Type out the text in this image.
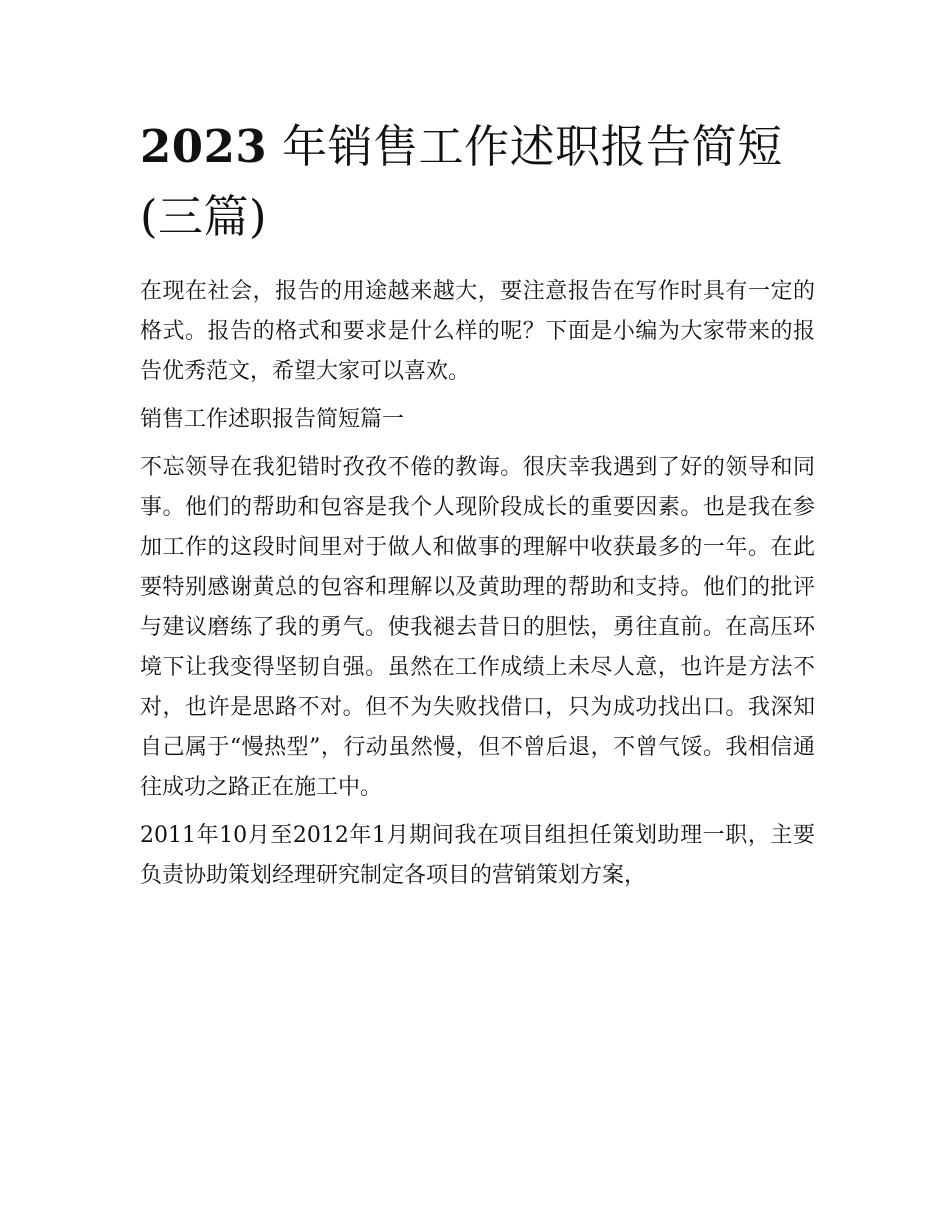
2023 年销售工作述职报告简短(三篇)

在现在社会，报告的用途越来越大，要注意报告在写作时具有一定的格式。报告的格式和要求是什么样的呢？下面是小编为大家带来的报告优秀范文，希望大家可以喜欢。

销售工作述职报告简短篇一

不忘领导在我犯错时孜孜不倦的教诲。很庆幸我遇到了好的领导和同事。他们的帮助和包容是我个人现阶段成长的重要因素。也是我在参加工作的这段时间里对于做人和做事的理解中收获最多的一年。在此要特别感谢黄总的包容和理解以及黄助理的帮助和支持。他们的批评与建议磨练了我的勇气。使我褪去昔日的胆怯，勇往直前。在高压环境下让我变得坚韧自强。虽然在工作成绩上未尽人意，也许是方法不对，也许是思路不对。但不为失败找借口，只为成功找出口。我深知自己属于“慢热型”，行动虽然慢，但不曾后退，不曾气馁。我相信通往成功之路正在施工中。

2011年10月至2012年1月期间我在项目组担任策划助理一职，主要负责协助策划经理研究制定各项目的营销策划方案，
